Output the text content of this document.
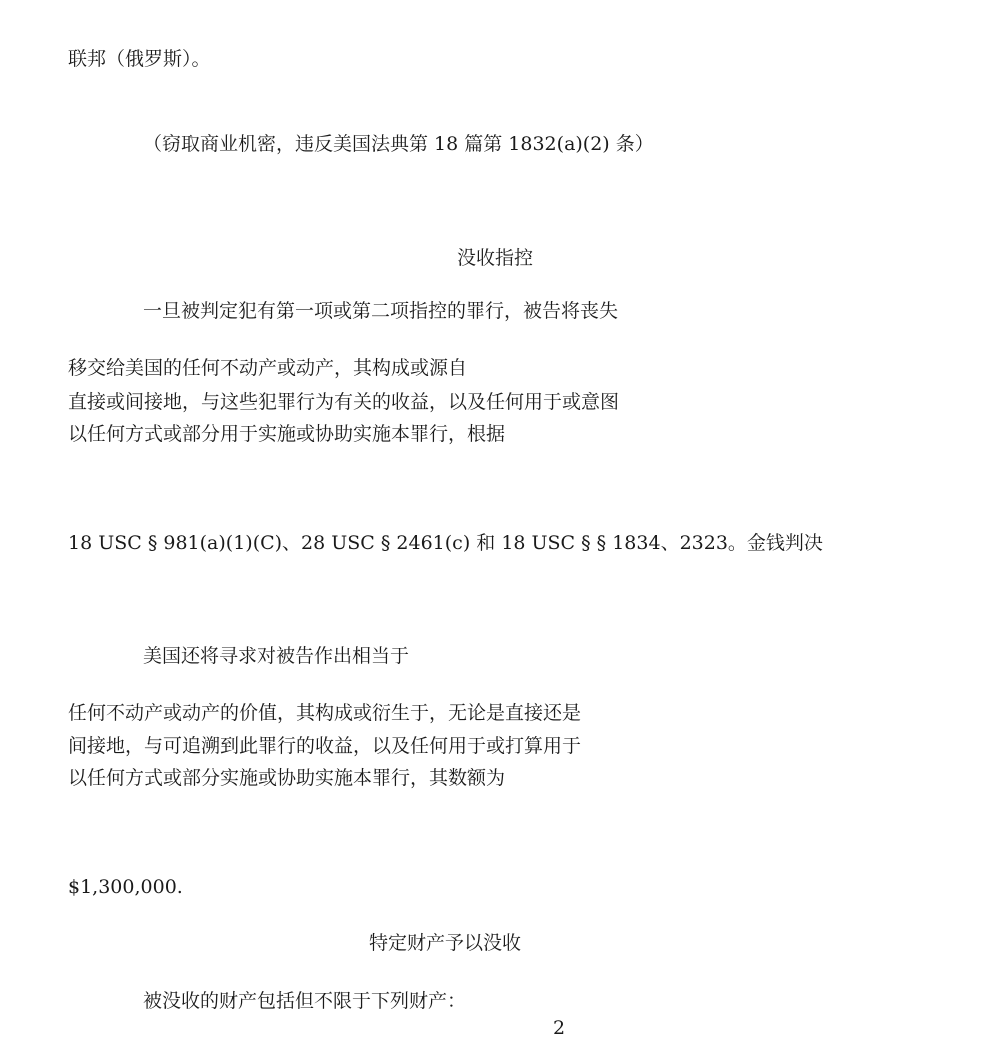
联邦（俄罗斯）。

（窃取商业机密，违反美国法典第 18 篇第 1832(a)(2) 条）

没收指控

一旦被判定犯有第一项或第二项指控的罪行，被告将丧失

移交给美国的任何不动产或动产，其构成或源自

直接或间接地，与这些犯罪行为有关的收益，以及任何用于或意图

以任何方式或部分用于实施或协助实施本罪行，根据

18 USC § 981(a)(1)(C)、28 USC § 2461(c) 和 18 USC § § 1834、2323。金钱判决

美国还将寻求对被告作出相当于

任何不动产或动产的价值，其构成或衍生于，无论是直接还是

间接地，与可追溯到此罪行的收益，以及任何用于或打算用于

以任何方式或部分实施或协助实施本罪行，其数额为

$1,300,000.

特定财产予以没收

被没收的财产包括但不限于下列财产：

2
